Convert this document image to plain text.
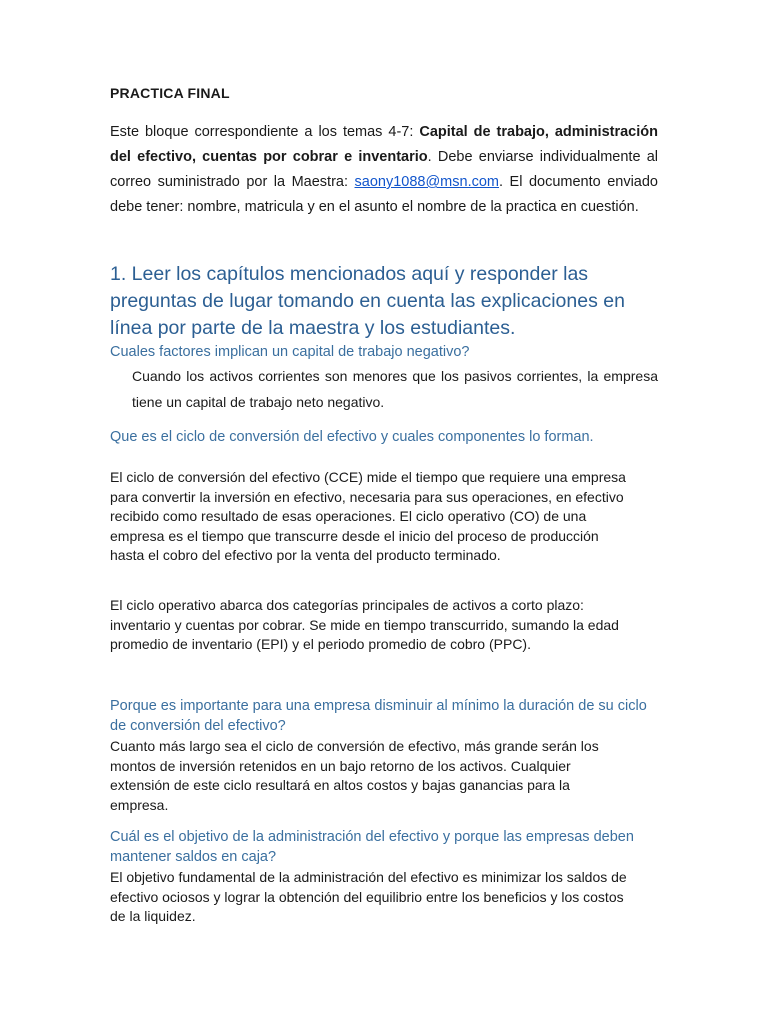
PRACTICA FINAL
Este bloque correspondiente a los temas 4-7: Capital de trabajo, administración del efectivo, cuentas por cobrar e inventario. Debe enviarse individualmente al correo suministrado por la Maestra: saony1088@msn.com. El documento enviado debe tener: nombre, matricula y en el asunto el nombre de la practica en cuestión.
1. Leer los capítulos mencionados aquí y responder las preguntas de lugar tomando en cuenta las explicaciones en línea por parte de la maestra y los estudiantes.
Cuales factores implican un capital de trabajo negativo?
Cuando los activos corrientes son menores que los pasivos corrientes, la empresa tiene un capital de trabajo neto negativo.
Que es el ciclo de conversión del efectivo y cuales componentes lo forman.
El ciclo de conversión del efectivo (CCE) mide el tiempo que requiere una empresa para convertir la inversión en efectivo, necesaria para sus operaciones, en efectivo recibido como resultado de esas operaciones. El ciclo operativo (CO) de una empresa es el tiempo que transcurre desde el inicio del proceso de producción hasta el cobro del efectivo por la venta del producto terminado.
El ciclo operativo abarca dos categorías principales de activos a corto plazo: inventario y cuentas por cobrar. Se mide en tiempo transcurrido, sumando la edad promedio de inventario (EPI) y el periodo promedio de cobro (PPC).
Porque es importante para una empresa disminuir al mínimo la duración de su ciclo de conversión del efectivo?
Cuanto más largo sea el ciclo de conversión de efectivo, más grande serán los montos de inversión retenidos en un bajo retorno de los activos. Cualquier extensión de este ciclo resultará en altos costos y bajas ganancias para la empresa.
Cuál es el objetivo de la administración del efectivo y porque las empresas deben mantener saldos en caja?
El objetivo fundamental de la administración del efectivo es minimizar los saldos de efectivo ociosos y lograr la obtención del equilibrio entre los beneficios y los costos de la liquidez.
